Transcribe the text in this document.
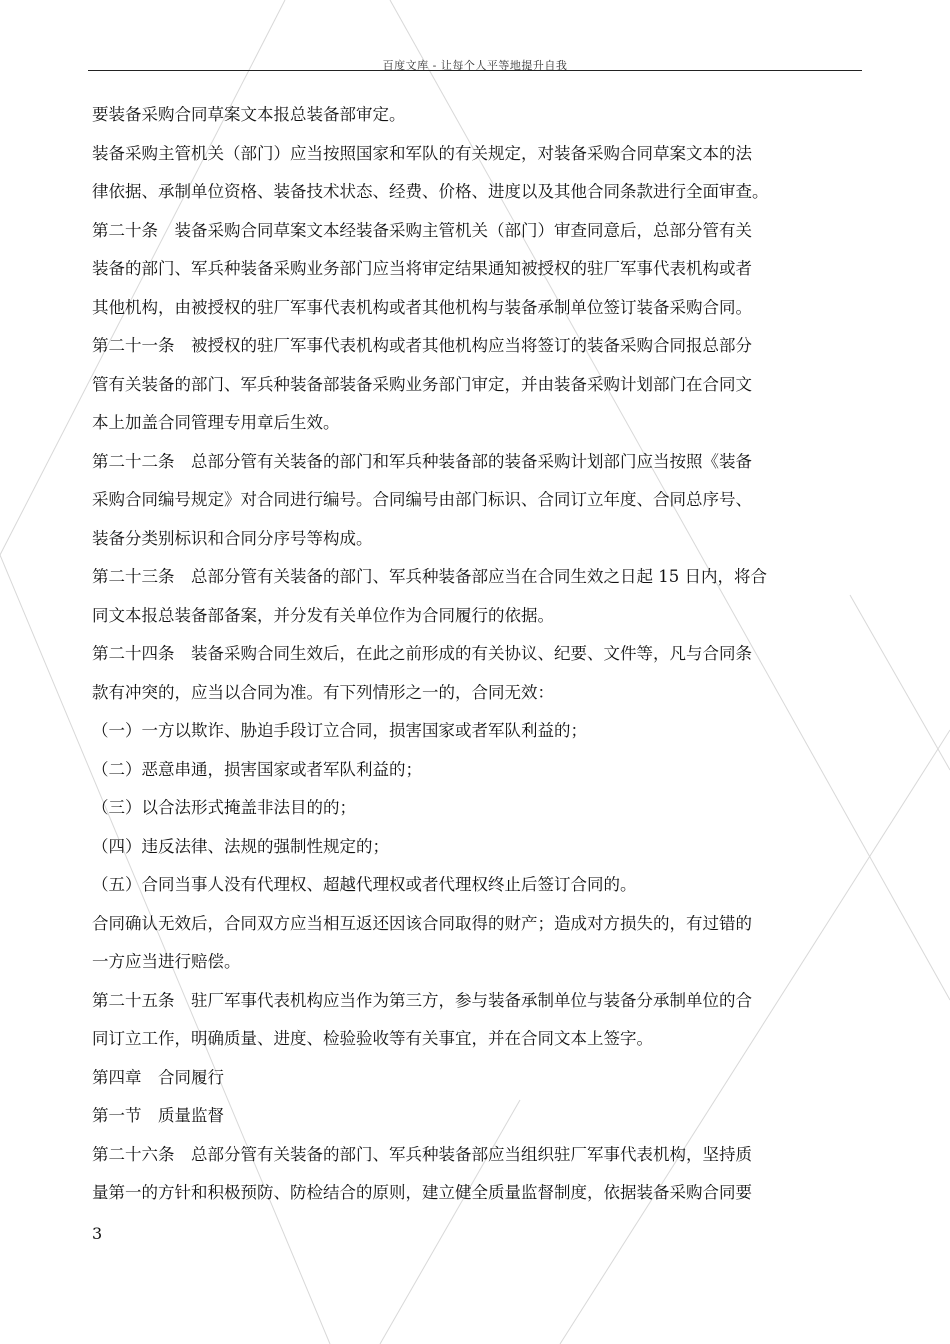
百度文库 - 让每个人平等地提升自我

要装备采购合同草案文本报总装备部审定。

装备采购主管机关（部门）应当按照国家和军队的有关规定，对装备采购合同草案文本的法

律依据、承制单位资格、装备技术状态、经费、价格、进度以及其他合同条款进行全面审查。

第二十条　装备采购合同草案文本经装备采购主管机关（部门）审查同意后，总部分管有关

装备的部门、军兵种装备采购业务部门应当将审定结果通知被授权的驻厂军事代表机构或者

其他机构，由被授权的驻厂军事代表机构或者其他机构与装备承制单位签订装备采购合同。

第二十一条　被授权的驻厂军事代表机构或者其他机构应当将签订的装备采购合同报总部分

管有关装备的部门、军兵种装备部装备采购业务部门审定，并由装备采购计划部门在合同文

本上加盖合同管理专用章后生效。

第二十二条　总部分管有关装备的部门和军兵种装备部的装备采购计划部门应当按照《装备

采购合同编号规定》对合同进行编号。合同编号由部门标识、合同订立年度、合同总序号、

装备分类别标识和合同分序号等构成。

第二十三条　总部分管有关装备的部门、军兵种装备部应当在合同生效之日起 15 日内，将合

同文本报总装备部备案，并分发有关单位作为合同履行的依据。

第二十四条　装备采购合同生效后，在此之前形成的有关协议、纪要、文件等，凡与合同条

款有冲突的，应当以合同为准。有下列情形之一的，合同无效：

（一）一方以欺诈、胁迫手段订立合同，损害国家或者军队利益的；

（二）恶意串通，损害国家或者军队利益的；

（三）以合法形式掩盖非法目的的；

（四）违反法律、法规的强制性规定的；

（五）合同当事人没有代理权、超越代理权或者代理权终止后签订合同的。

合同确认无效后，合同双方应当相互返还因该合同取得的财产；造成对方损失的，有过错的

一方应当进行赔偿。

第二十五条　驻厂军事代表机构应当作为第三方，参与装备承制单位与装备分承制单位的合

同订立工作，明确质量、进度、检验验收等有关事宜，并在合同文本上签字。

第四章　合同履行

第一节　质量监督

第二十六条　总部分管有关装备的部门、军兵种装备部应当组织驻厂军事代表机构，坚持质

量第一的方针和积极预防、防检结合的原则，建立健全质量监督制度，依据装备采购合同要

3
